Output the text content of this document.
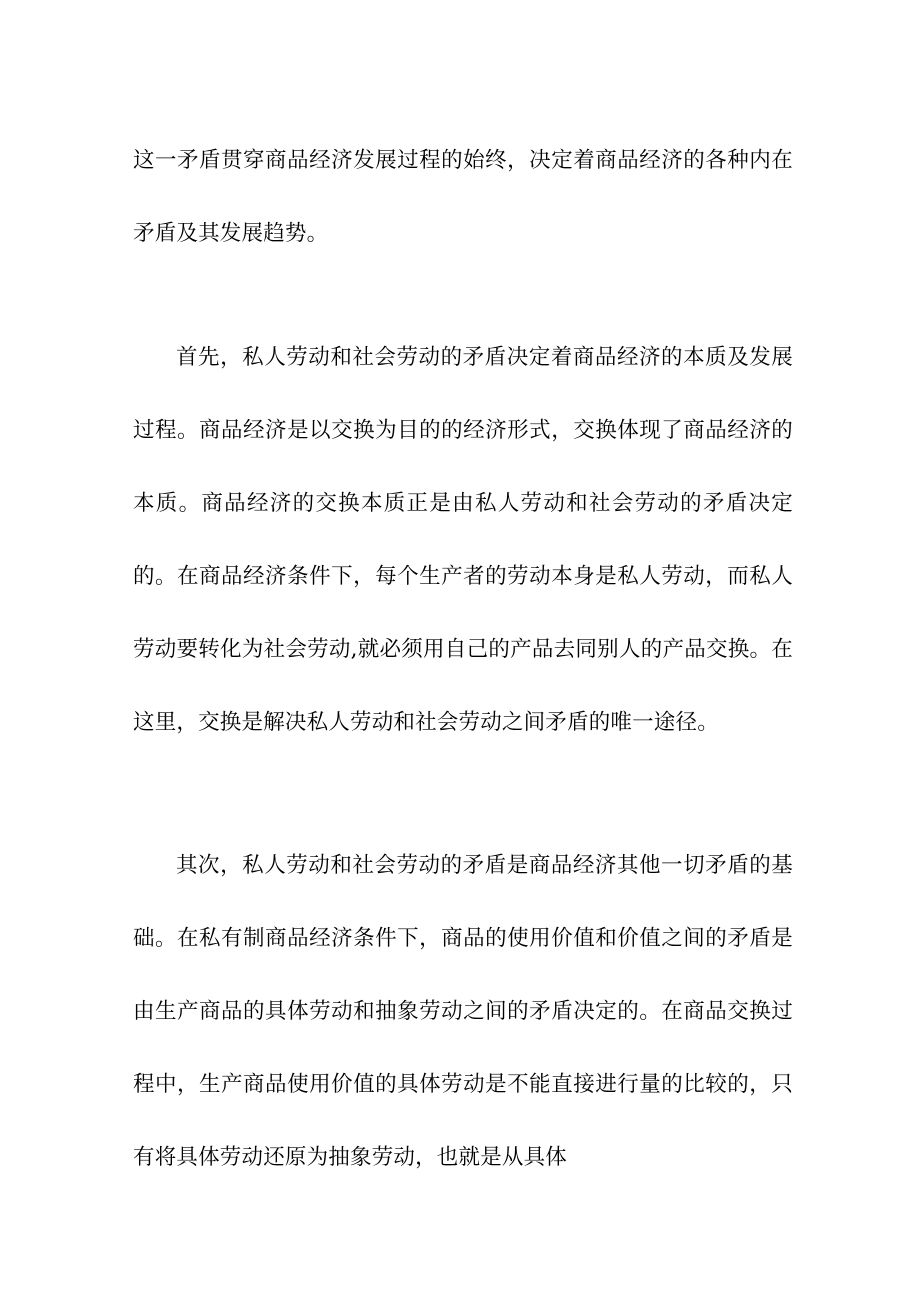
这一矛盾贯穿商品经济发展过程的始终，决定着商品经济的各种内在矛盾及其发展趋势。

首先，私人劳动和社会劳动的矛盾决定着商品经济的本质及发展过程。商品经济是以交换为目的的经济形式，交换体现了商品经济的本质。商品经济的交换本质正是由私人劳动和社会劳动的矛盾决定的。在商品经济条件下，每个生产者的劳动本身是私人劳动，而私人劳动要转化为社会劳动,就必须用自己的产品去同别人的产品交换。在这里，交换是解决私人劳动和社会劳动之间矛盾的唯一途径。

其次，私人劳动和社会劳动的矛盾是商品经济其他一切矛盾的基础。在私有制商品经济条件下，商品的使用价值和价值之间的矛盾是由生产商品的具体劳动和抽象劳动之间的矛盾决定的。在商品交换过程中，生产商品使用价值的具体劳动是不能直接进行量的比较的，只有将具体劳动还原为抽象劳动，也就是从具体
